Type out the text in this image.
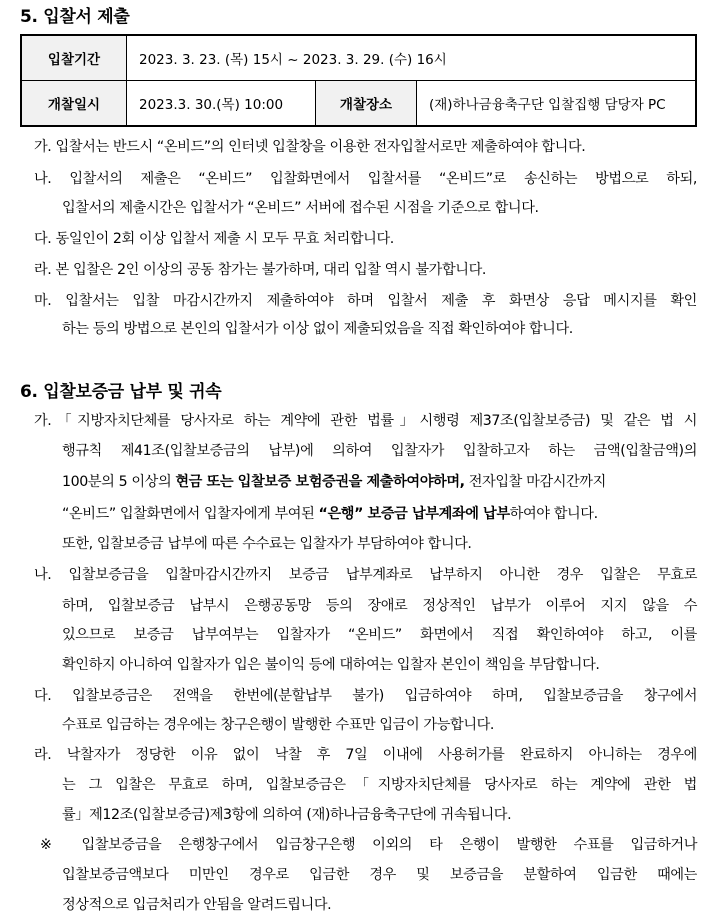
5. 입찰서 제출
입찰기간	2023. 3. 23. (목) 15시 ~ 2023. 3. 29. (수) 16시		
개찰일시	2023.3. 30.(목) 10:00	개찰장소	(재)하나금융축구단 입찰집행 담당자 PC
가. 입찰서는 반드시 “온비드”의 인터넷 입찰창을 이용한 전자입찰서로만 제출하여야 합니다.
나. 입찰서의 제출은 “온비드” 입찰화면에서 입찰서를 “온비드”로 송신하는 방법으로 하되,
입찰서의 제출시간은 입찰서가 “온비드” 서버에 접수된 시점을 기준으로 합니다.
다. 동일인이 2회 이상 입찰서 제출 시 모두 무효 처리합니다.
라. 본 입찰은 2인 이상의 공동 참가는 불가하며, 대리 입찰 역시 불가합니다.
마. 입찰서는 입찰 마감시간까지 제출하여야 하며 입찰서 제출 후 화면상 응답 메시지를 확인
하는 등의 방법으로 본인의 입찰서가 이상 없이 제출되었음을 직접 확인하여야 합니다.
6. 입찰보증금 납부 및 귀속
가.「지방자치단체를 당사자로 하는 계약에 관한 법률」시행령 제37조(입찰보증금) 및 같은 법 시
행규칙 제41조(입찰보증금의 납부)에 의하여 입찰자가 입찰하고자 하는 금액(입찰금액)의
100분의 5 이상의 현금 또는 입찰보증 보험증권을 제출하여야하며, 전자입찰 마감시간까지
“온비드” 입찰화면에서 입찰자에게 부여된 “은행” 보증금 납부계좌에 납부하여야 합니다.
또한, 입찰보증금 납부에 따른 수수료는 입찰자가 부담하여야 합니다.
나. 입찰보증금을 입찰마감시간까지 보증금 납부계좌로 납부하지 아니한 경우 입찰은 무효로
하며, 입찰보증금 납부시 은행공동망 등의 장애로 정상적인 납부가 이루어 지지 않을 수
있으므로 보증금 납부여부는 입찰자가 “온비드” 화면에서 직접 확인하여야 하고, 이를
확인하지 아니하여 입찰자가 입은 불이익 등에 대하여는 입찰자 본인이 책임을 부담합니다.
다. 입찰보증금은 전액을 한번에(분할납부 불가) 입금하여야 하며, 입찰보증금을 창구에서
수표로 입금하는 경우에는 창구은행이 발행한 수표만 입금이 가능합니다.
라. 낙찰자가 정당한 이유 없이 낙찰 후 7일 이내에 사용허가를 완료하지 아니하는 경우에
는 그 입찰은 무효로 하며, 입찰보증금은「지방자치단체를 당사자로 하는 계약에 관한 법
률」제12조(입찰보증금)제3항에 의하여 (재)하나금융축구단에 귀속됩니다.
※ 입찰보증금을 은행창구에서 입금창구은행 이외의 타 은행이 발행한 수표를 입금하거나
입찰보증금액보다 미만인 경우로 입금한 경우 및 보증금을 분할하여 입금한 때에는
정상적으로 입금처리가 안됨을 알려드립니다.
